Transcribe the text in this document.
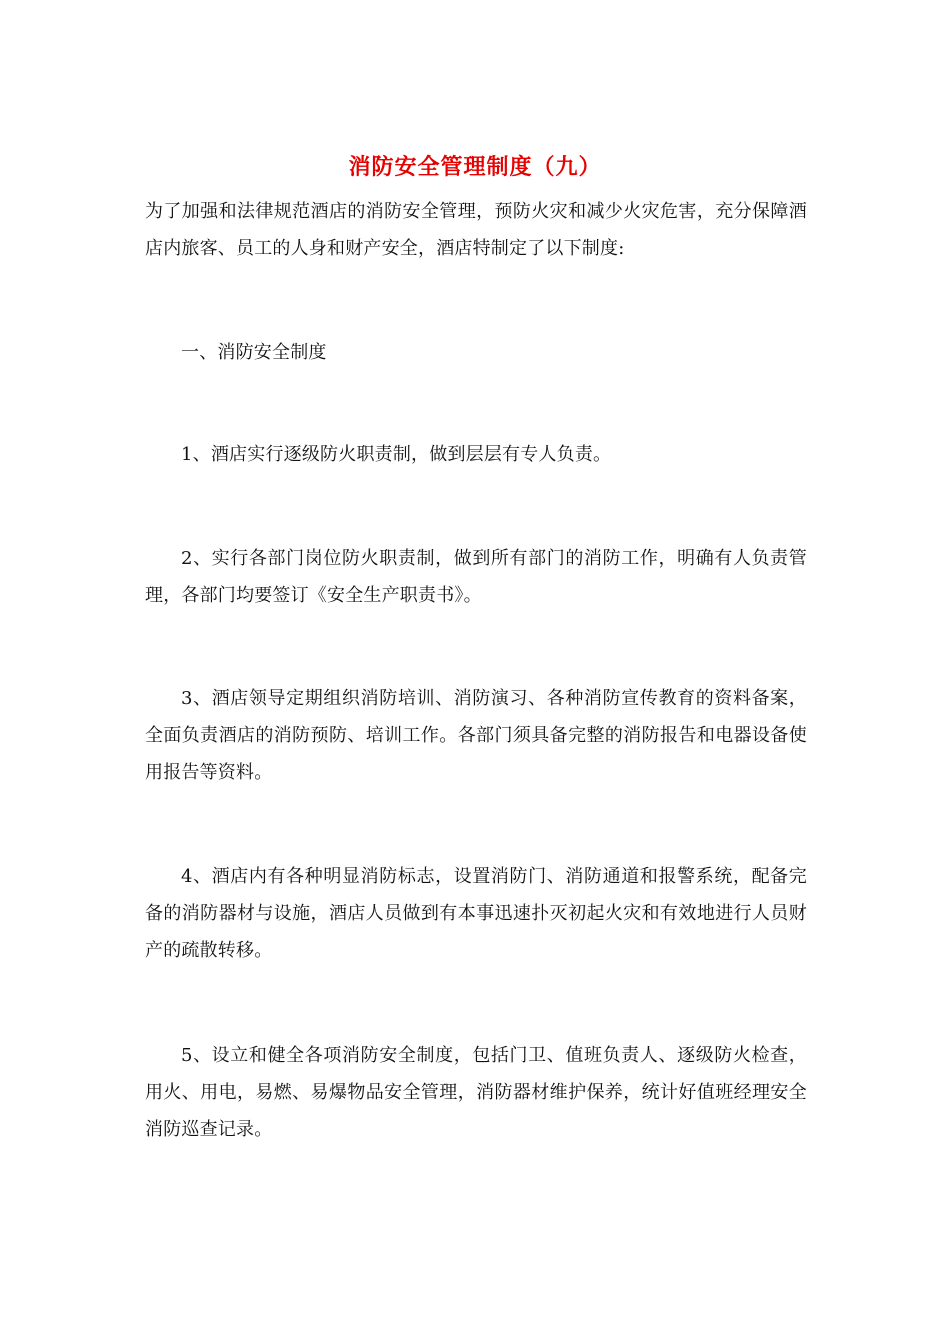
消防安全管理制度（九）

为了加强和法律规范酒店的消防安全管理，预防火灾和减少火灾危害，充分保障酒店内旅客、员工的人身和财产安全，酒店特制定了以下制度:

一、消防安全制度

1、酒店实行逐级防火职责制，做到层层有专人负责。

2、实行各部门岗位防火职责制，做到所有部门的消防工作，明确有人负责管理，各部门均要签订《安全生产职责书》。

3、酒店领导定期组织消防培训、消防演习、各种消防宣传教育的资料备案，全面负责酒店的消防预防、培训工作。各部门须具备完整的消防报告和电器设备使用报告等资料。

4、酒店内有各种明显消防标志，设置消防门、消防通道和报警系统，配备完备的消防器材与设施，酒店人员做到有本事迅速扑灭初起火灾和有效地进行人员财产的疏散转移。

5、设立和健全各项消防安全制度，包括门卫、值班负责人、逐级防火检查，用火、用电，易燃、易爆物品安全管理，消防器材维护保养，统计好值班经理安全消防巡查记录。
